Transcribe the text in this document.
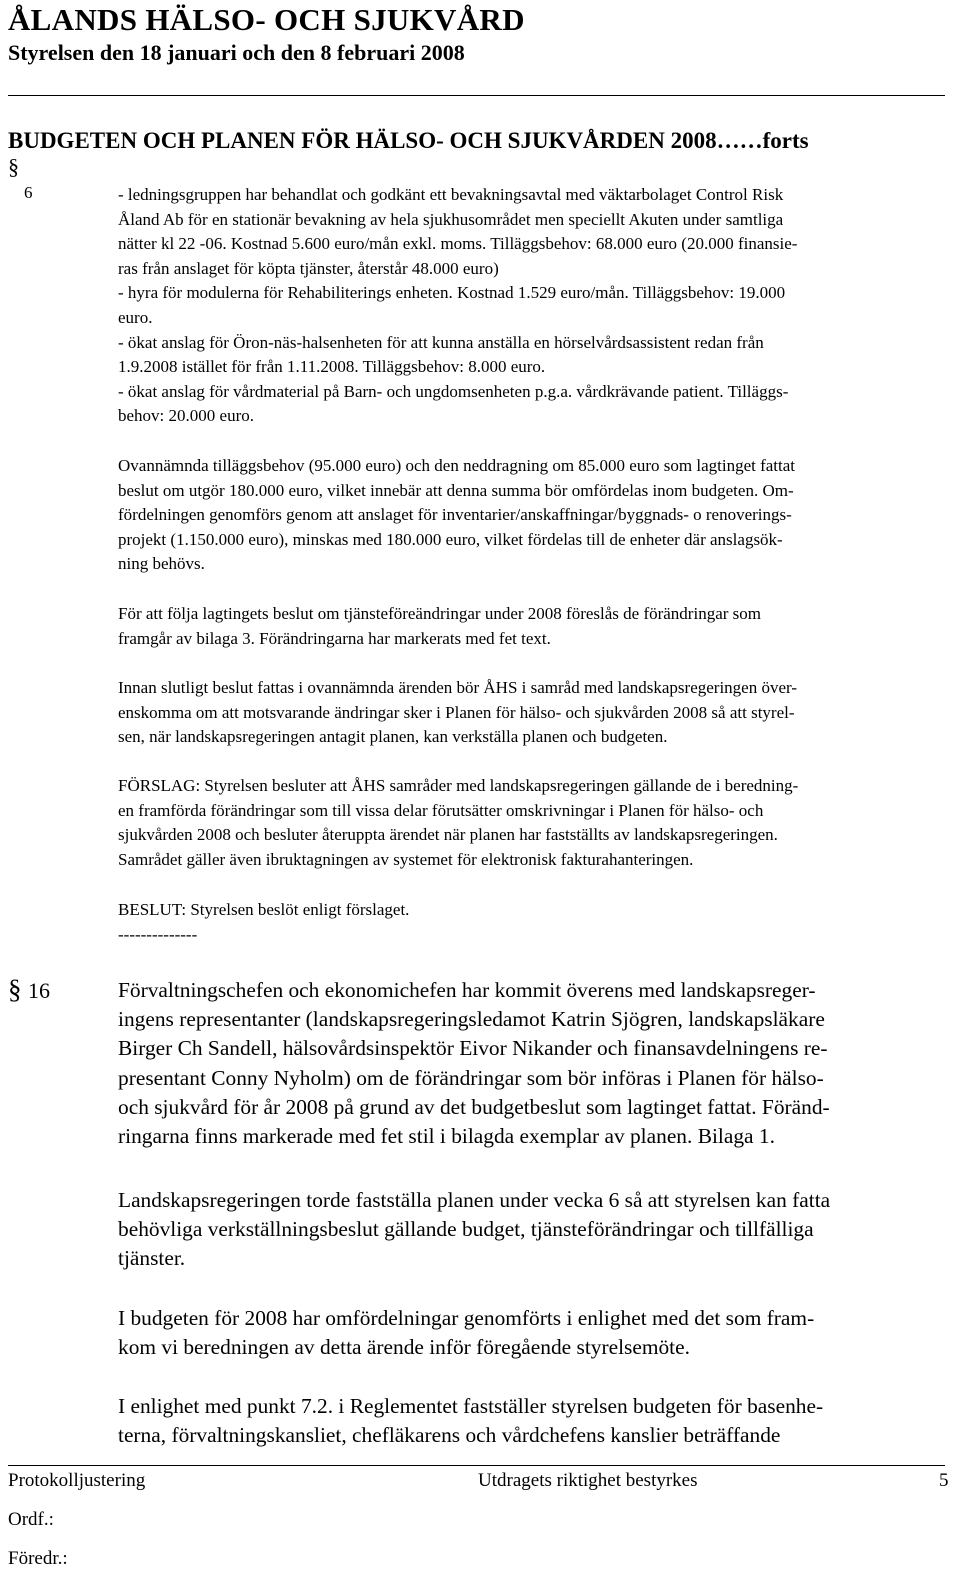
ÅLANDS HÄLSO- OCH SJUKVÅRD
Styrelsen den 18 januari och den 8 februari 2008
BUDGETEN OCH PLANEN FÖR HÄLSO- OCH SJUKVÅRDEN 2008……forts
§
6	- ledningsgruppen har behandlat och godkänt ett bevakningsavtal med väktarbolaget Control Risk
Åland Ab för en stationär bevakning av hela sjukhusområdet men speciellt Akuten under samtliga
nätter kl 22 -06. Kostnad 5.600 euro/mån exkl. moms. Tilläggsbehov: 68.000 euro (20.000 finansie-
ras från anslaget för köpta tjänster, återstår 48.000 euro)
- hyra för modulerna för Rehabiliterings enheten. Kostnad 1.529 euro/mån. Tilläggsbehov: 19.000
euro.
- ökat anslag för Öron-näs-halsenheten för att kunna anställa en hörselvårdsassistent redan från
1.9.2008 istället för från 1.11.2008. Tilläggsbehov: 8.000 euro.
- ökat anslag för vårdmaterial på Barn- och ungdomsenheten p.g.a. vårdkrävande patient. Tilläggs-
behov: 20.000 euro.
Ovannämnda tilläggsbehov (95.000 euro) och den neddragning om 85.000 euro som lagtinget fattat
beslut om utgör 180.000 euro, vilket innebär att denna summa bör omfördelas inom budgeten. Om-
fördelningen genomförs genom att anslaget för inventarier/anskaffningar/byggnads- o renoverings-
projekt (1.150.000 euro), minskas med 180.000 euro, vilket fördelas till de enheter där anslagsök-
ning behövs.
För att följa lagtingets beslut om tjänsteföreändringar under 2008 föreslås de förändringar som
framgår av bilaga 3. Förändringarna har markerats med fet text.
Innan slutligt beslut fattas i ovannämnda ärenden bör ÅHS i samråd med landskapsregeringen över-
enskomma om att motsvarande ändringar sker i Planen för hälso- och sjukvården 2008 så att styrel-
sen, när landskapsregeringen antagit planen, kan verkställa planen och budgeten.
FÖRSLAG: Styrelsen besluter att ÅHS samråder med landskapsregeringen gällande de i beredning-
en framförda förändringar som till vissa delar förutsätter omskrivningar i Planen för hälso- och
sjukvården 2008 och besluter återuppta ärendet när planen har fastställts av landskapsregeringen.
Samrådet gäller även ibruktagningen av systemet för elektronisk fakturahanteringen.
BESLUT: Styrelsen beslöt enligt förslaget.
--------------
§ 16	Förvaltningschefen och ekonomichefen har kommit överens med landskapsreger-
ingens representanter (landskapsregeringsledamot Katrin Sjögren, landskapsläkare
Birger Ch Sandell, hälsovårdsinspektör Eivor Nikander och finansavdelningens re-
presentant Conny Nyholm) om de förändringar som bör införas i Planen för hälso-
och sjukvård för år 2008 på grund av det budgetbeslut som lagtinget fattat. Föränd-
ringarna finns markerade med fet stil i bilagda exemplar av planen. Bilaga 1.
Landskapsregeringen torde fastställa planen under vecka 6 så att styrelsen kan fatta
behövliga verkställningsbeslut gällande budget, tjänsteförändringar och tillfälliga
tjänster.
I budgeten för 2008 har omfördelningar genomförts i enlighet med det som fram-
kom vi beredningen av detta ärende inför föregående styrelsemöte.
I enlighet med punkt 7.2. i Reglementet fastställer styrelsen budgeten för basenhe-
terna, förvaltningskansliet, chefläkarens och vårdchefens kanslier beträffande
Protokolljustering	Utdragets riktighet bestyrkes	5
Ordf.:
Föredr.:
